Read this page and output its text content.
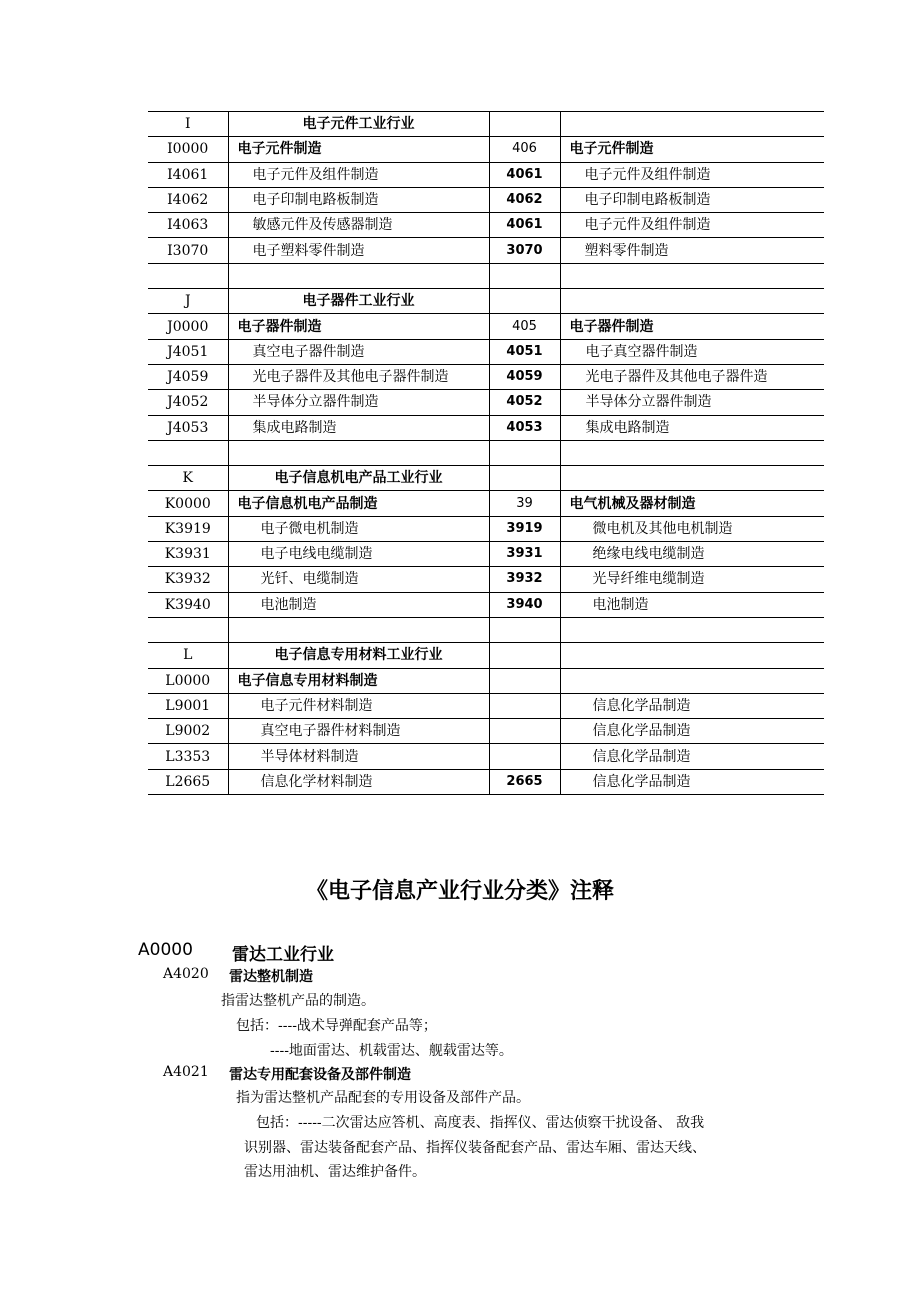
I	电子元件工业行业		
I0000	电子元件制造	406	电子元件制造
I4061	电子元件及组件制造	4061	电子元件及组件制造
I4062	电子印制电路板制造	4062	电子印制电路板制造
I4063	敏感元件及传感器制造	4061	电子元件及组件制造
I3070	电子塑料零件制造	3070	塑料零件制造

J	电子器件工业行业		
J0000	电子器件制造	405	电子器件制造
J4051	真空电子器件制造	4051	电子真空器件制造
J4059	光电子器件及其他电子器件制造	4059	光电子器件及其他电子器件造
J4052	半导体分立器件制造	4052	半导体分立器件制造
J4053	集成电路制造	4053	集成电路制造

K	电子信息机电产品工业行业		
K0000	电子信息机电产品制造	39	电气机械及器材制造
K3919	电子微电机制造	3919	微电机及其他电机制造
K3931	电子电线电缆制造	3931	绝缘电线电缆制造
K3932	光钎、电缆制造	3932	光导纤维电缆制造
K3940	电池制造	3940	电池制造

L	电子信息专用材料工业行业		
L0000	电子信息专用材料制造		
L9001	电子元件材料制造		信息化学品制造
L9002	真空电子器件材料制造		信息化学品制造
L3353	半导体材料制造		信息化学品制造
L2665	信息化学材料制造	2665	信息化学品制造
《电子信息产业行业分类》注释
A0000 雷达工业行业
A4020 雷达整机制造
指雷达整机产品的制造。
包括：----战术导弹配套产品等；
----地面雷达、机载雷达、舰载雷达等。
A4021 雷达专用配套设备及部件制造
指为雷达整机产品配套的专用设备及部件产品。
包括：-----二次雷达应答机、高度表、指挥仪、雷达侦察干扰设备、 敌我
识别器、雷达装备配套产品、指挥仪装备配套产品、雷达车厢、雷达天线、
雷达用油机、雷达维护备件。
